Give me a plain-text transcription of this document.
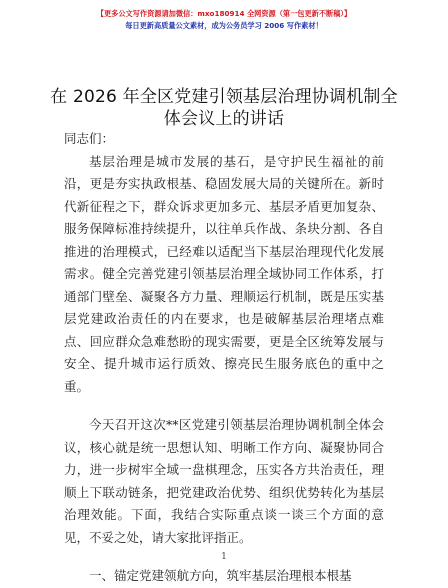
【更多公文写作资源请加微信：mxo180914 全网资源（第一包更新不断稿）】
每日更新高质量公文素材，成为公务员学习 2006 写作素材！
在 2026 年全区党建引领基层治理协调机制全体会议上的讲话

同志们：

基层治理是城市发展的基石，是守护民生福祉的前沿，更是夯实执政根基、稳固发展大局的关键所在。新时代新征程之下，群众诉求更加多元、基层矛盾更加复杂、服务保障标准持续提升，以往单兵作战、条块分割、各自推进的治理模式，已经难以适配当下基层治理现代化发展需求。健全完善党建引领基层治理全域协同工作体系，打通部门壁垒、凝聚各方力量、理顺运行机制，既是压实基层党建政治责任的内在要求，也是破解基层治理堵点难点、回应群众急难愁盼的现实需要，更是全区统筹发展与安全、提升城市运行质效、擦亮民生服务底色的重中之重。

今天召开这次**区党建引领基层治理协调机制全体会议，核心就是统一思想认知、明晰工作方向、凝聚协同合力，进一步树牢全域一盘棋理念，压实各方共治责任，理顺上下联动链条，把党建政治优势、组织优势转化为基层治理效能。下面，我结合实际重点谈一谈三个方面的意见，不妥之处，请大家批评指正。

一、锚定党建领航方向，筑牢基层治理根本根基

1
